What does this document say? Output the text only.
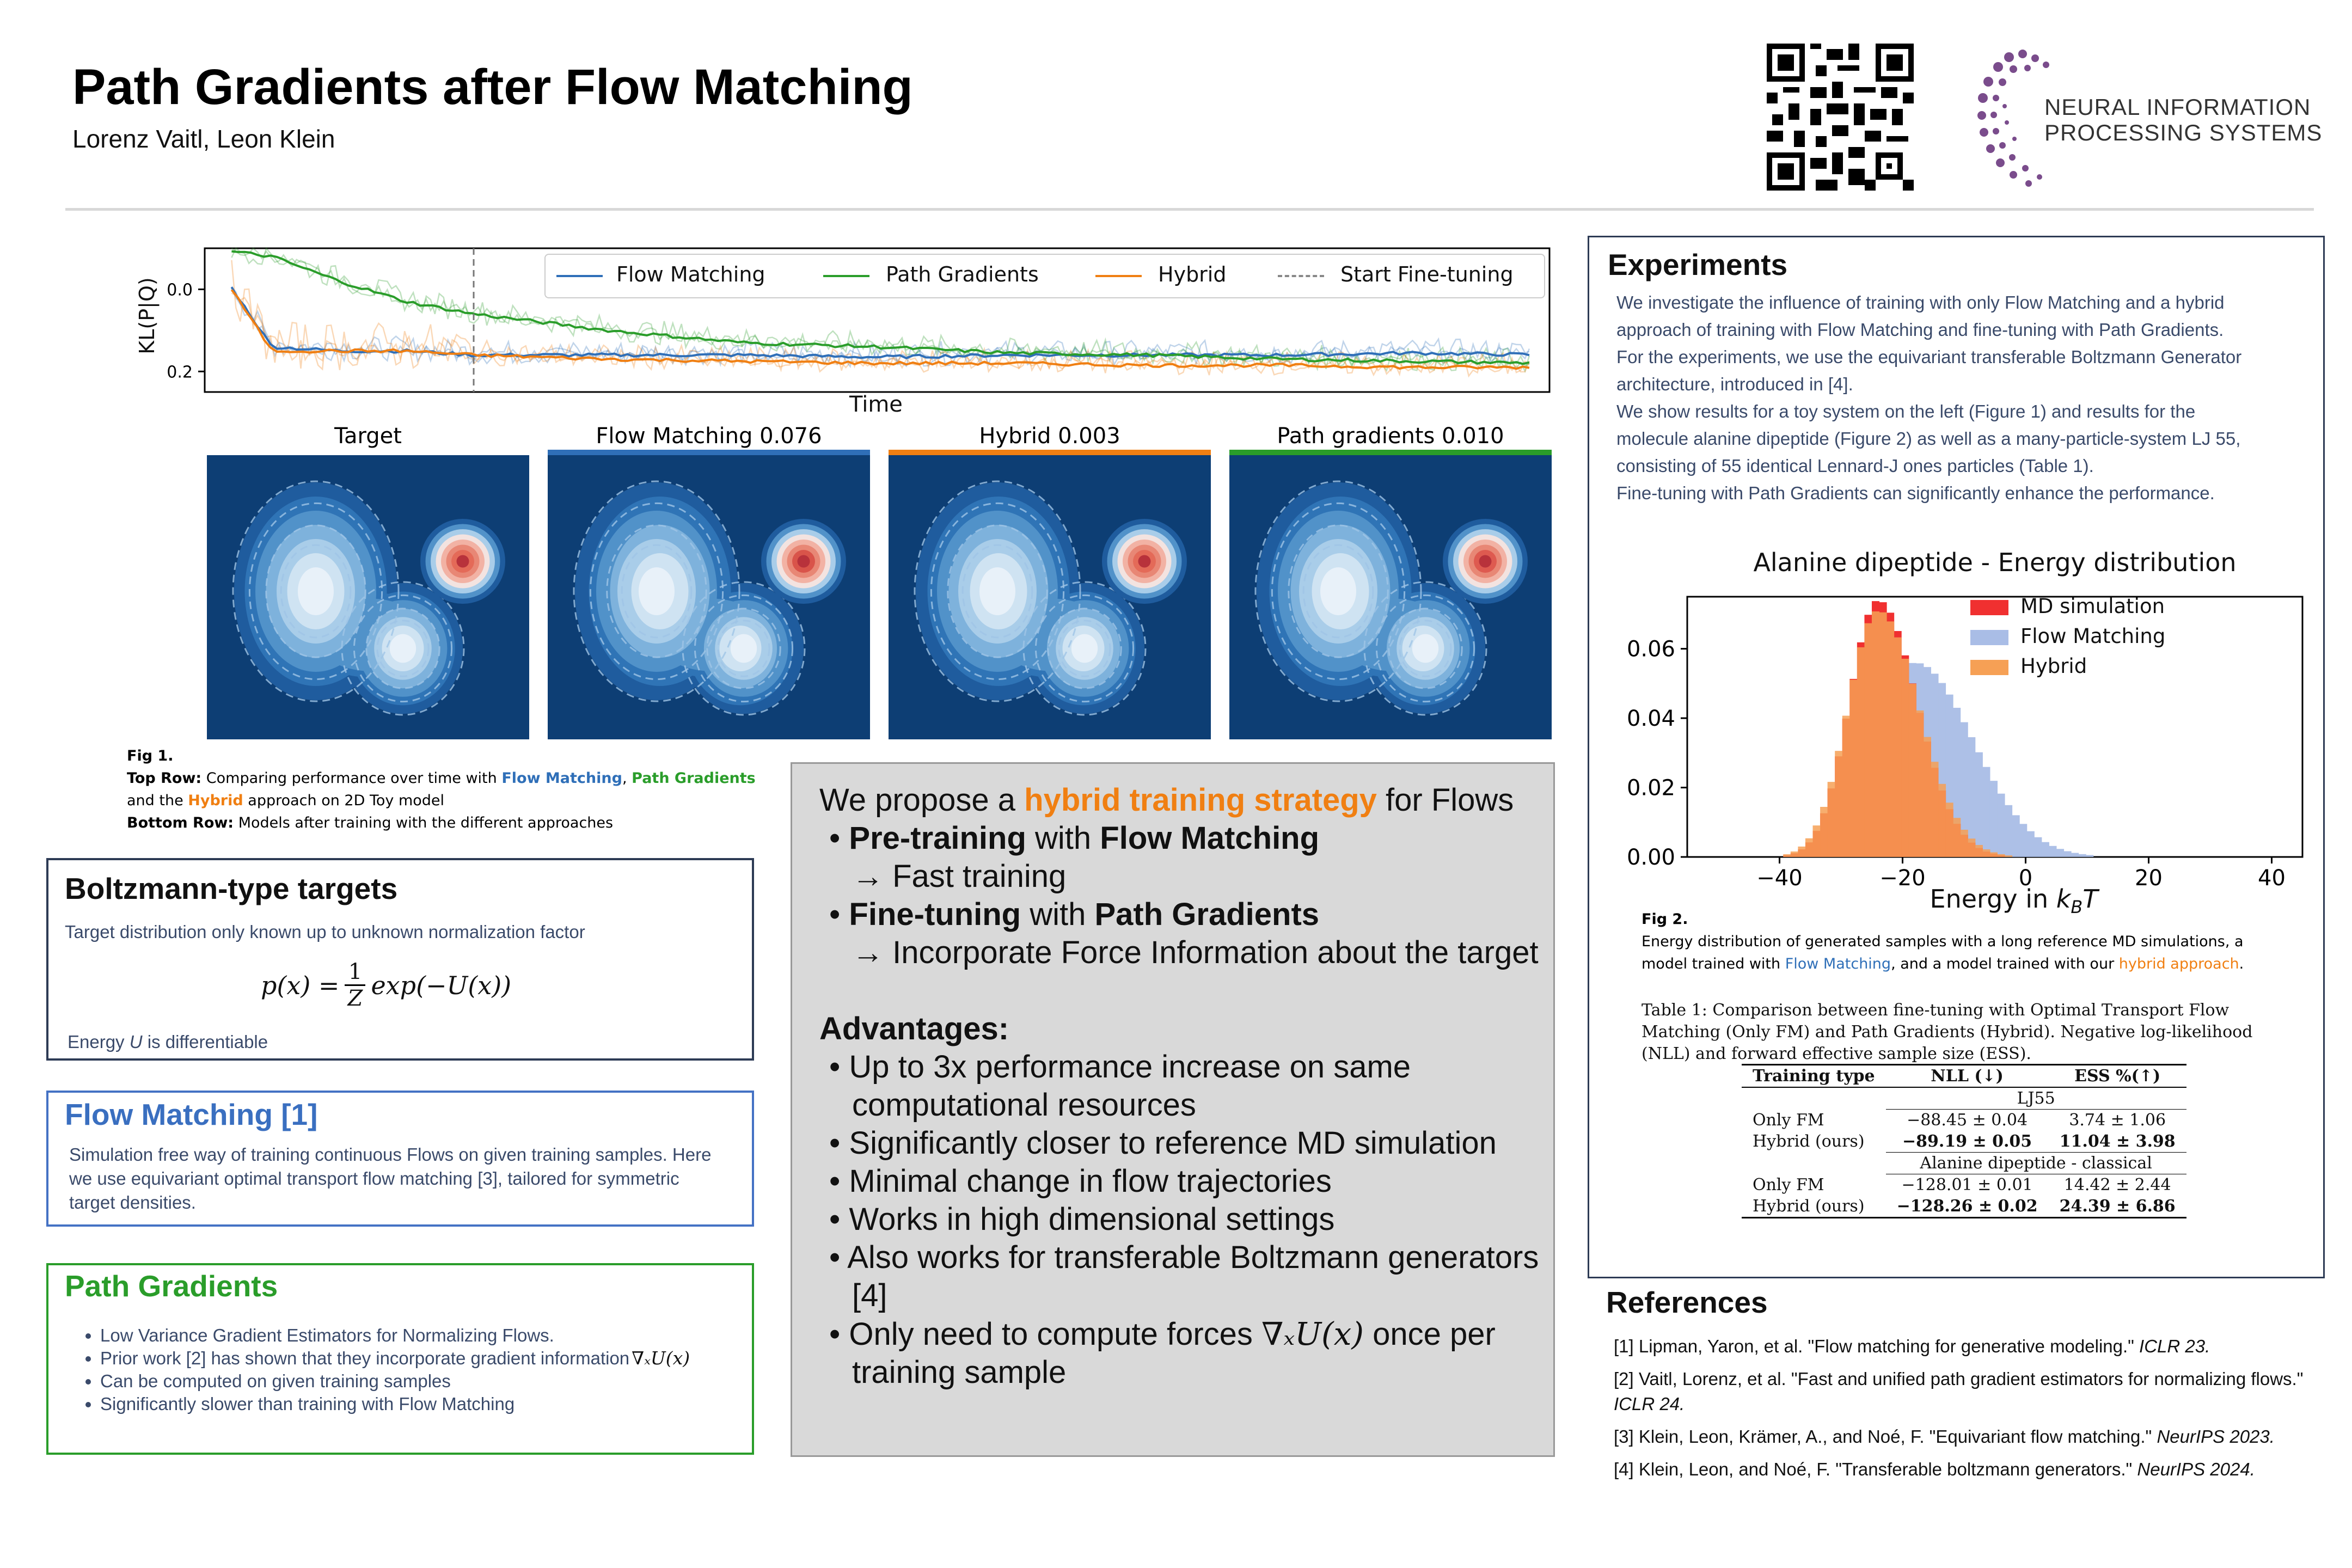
Path Gradients after Flow Matching
Lorenz Vaitl, Leon Klein
NEURAL INFORMATION
PROCESSING SYSTEMS
0.2
0.0
KL(P|Q)
Time
Flow Matching	Path Gradients	Hybrid	Start Fine-tuning
Target	Flow Matching 0.076	Hybrid 0.003	Path gradients 0.010
Fig 1.
Top Row: Comparing performance over time with Flow Matching, Path Gradients
and the Hybrid approach on 2D Toy model
Bottom Row: Models after training with the different approaches
Boltzmann-type targets
Target distribution only known up to unknown normalization factor
p(x) = 1
Z exp(−U(x))
Energy U is differentiable
Flow Matching [1]
Simulation free way of training continuous Flows on given training samples. Here we use equivariant optimal transport flow matching [3], tailored for symmetric target densities.
Path Gradients
• Low Variance Gradient Estimators for Normalizing Flows.
• Prior work [2] has shown that they incorporate gradient information ∇ₓU(x)
• Can be computed on given training samples
• Significantly slower than training with Flow Matching
We propose a hybrid training strategy for Flows
• Pre-training with Flow Matching
→ Fast training
• Fine-tuning with Path Gradients
→ Incorporate Force Information about the target
Advantages:
• Up to 3x performance increase on same computational resources
• Significantly closer to reference MD simulation
• Minimal change in flow trajectories
• Works in high dimensional settings
• Also works for transferable Boltzmann generators [4]
• Only need to compute forces ∇ₓU(x) once per training sample
Experiments
We investigate the influence of training with only Flow Matching and a hybrid approach of training with Flow Matching and fine-tuning with Path Gradients.
For the experiments, we use the equivariant transferable Boltzmann Generator architecture, introduced in [4].
We show results for a toy system on the left (Figure 1) and results for the molecule alanine dipeptide (Figure 2) as well as a many-particle-system LJ 55, consisting of 55 identical Lennard-J ones particles (Table 1).
Fine-tuning with Path Gradients can significantly enhance the performance.
−40	−20	0	20	40
0.00
0.02
0.04
0.06
Alanine dipeptide - Energy distribution
Energy in $k_BT$
MD simulation
Flow Matching
Hybrid
Fig 2.
Energy distribution of generated samples with a long reference MD simulations, a model trained with Flow Matching, and a model trained with our hybrid approach.
Table 1: Comparison between fine-tuning with Optimal Transport Flow Matching (Only FM) and Path Gradients (Hybrid). Negative log-likelihood (NLL) and forward effective sample size (ESS).
Training type	NLL (↓)	ESS %(↑)
	LJ55	
Only FM	−88.45 ± 0.04	3.74 ± 1.06
Hybrid (ours)	−89.19 ± 0.05	11.04 ± 3.98
	Alanine dipeptide - classical	
Only FM	−128.01 ± 0.01	14.42 ± 2.44
Hybrid (ours)	−128.26 ± 0.02	24.39 ± 6.86
References
[1] Lipman, Yaron, et al. "Flow matching for generative modeling." ICLR 23.
[2] Vaitl, Lorenz, et al. "Fast and unified path gradient estimators for normalizing flows." ICLR 24.
[3] Klein, Leon, Krämer, A., and Noé, F. "Equivariant flow matching." NeurIPS 2023.
[4] Klein, Leon, and Noé, F. "Transferable boltzmann generators." NeurIPS 2024.
